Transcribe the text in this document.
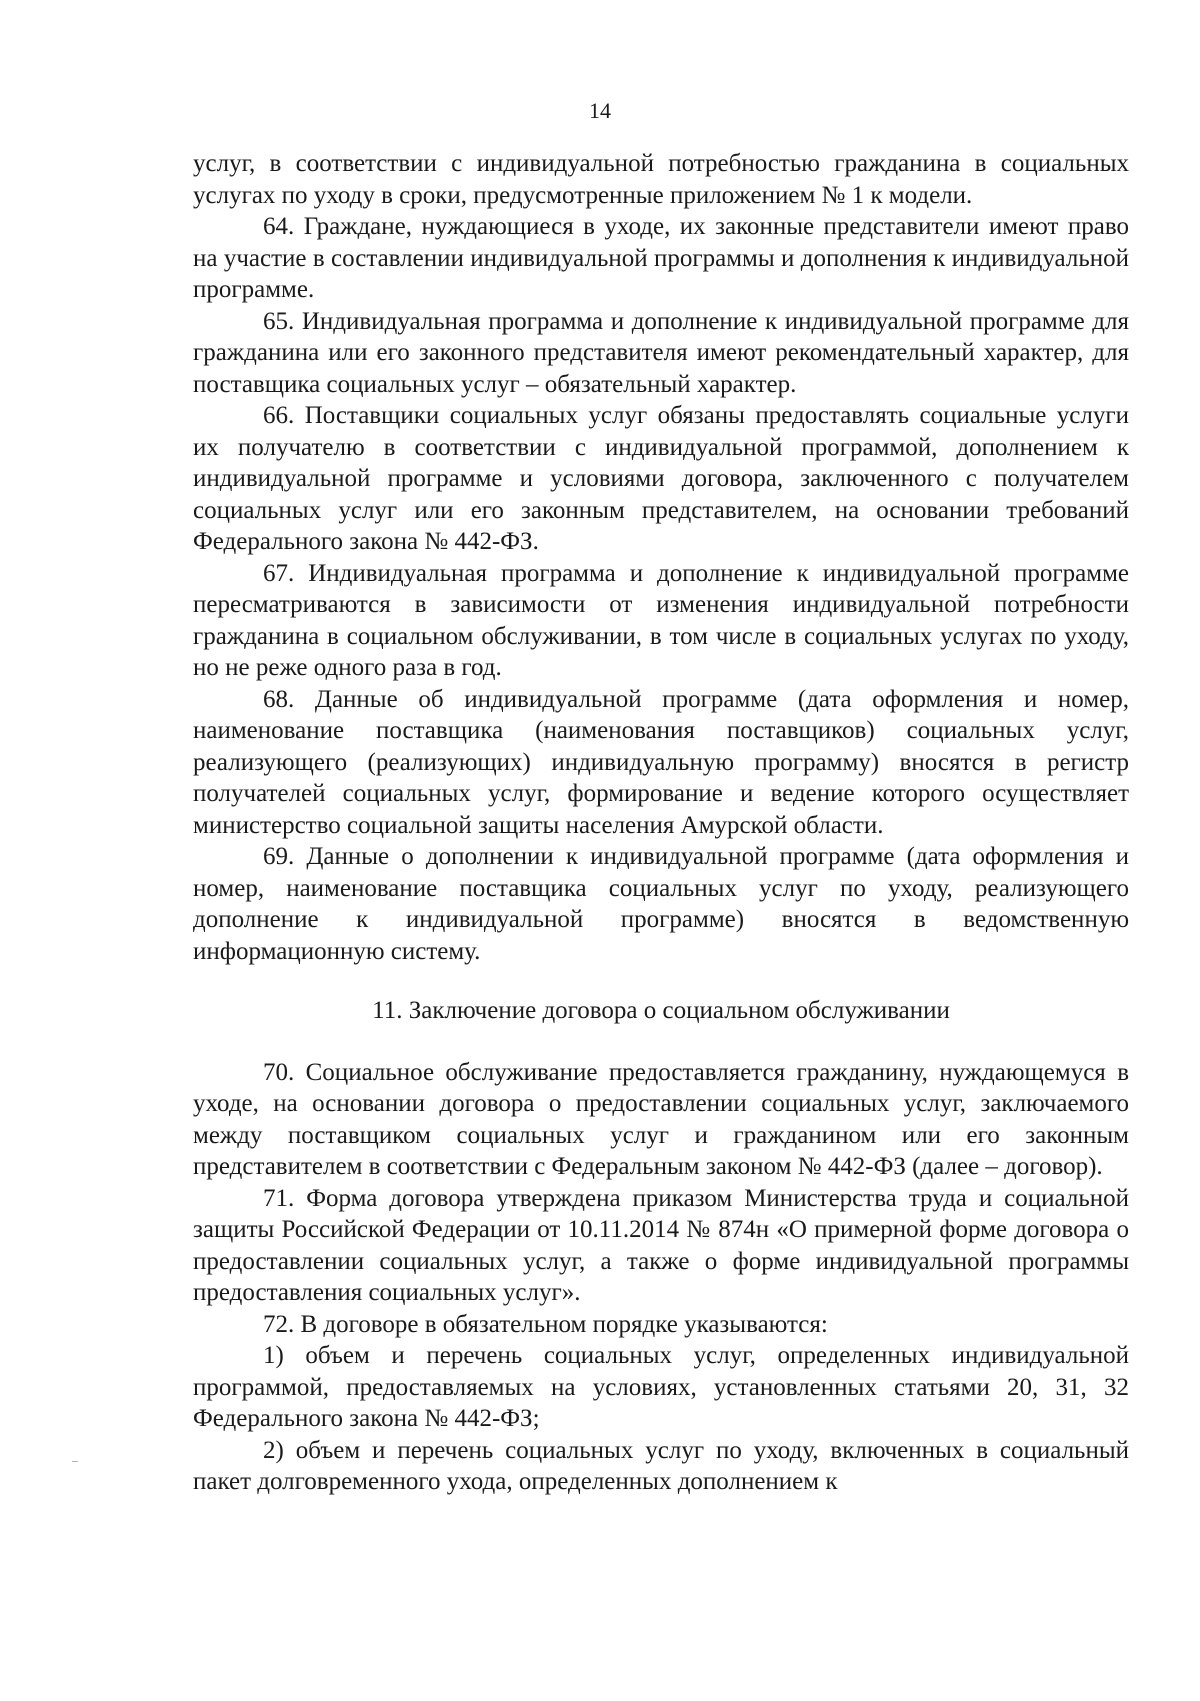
14

услуг, в соответствии с индивидуальной потребностью гражданина в социальных услугах по уходу в сроки, предусмотренные приложением № 1 к модели.

64. Граждане, нуждающиеся в уходе, их законные представители имеют право на участие в составлении индивидуальной программы и дополнения к индивидуальной программе.

65. Индивидуальная программа и дополнение к индивидуальной программе для гражданина или его законного представителя имеют рекомендательный характер, для поставщика социальных услуг – обязательный характер.

66. Поставщики социальных услуг обязаны предоставлять социальные услуги их получателю в соответствии с индивидуальной программой, дополнением к индивидуальной программе и условиями договора, заключенного с получателем социальных услуг или его законным представителем, на основании требований Федерального закона № 442-ФЗ.

67. Индивидуальная программа и дополнение к индивидуальной программе пересматриваются в зависимости от изменения индивидуальной потребности гражданина в социальном обслуживании, в том числе в социальных услугах по уходу, но не реже одного раза в год.

68. Данные об индивидуальной программе (дата оформления и номер, наименование поставщика (наименования поставщиков) социальных услуг, реализующего (реализующих) индивидуальную программу) вносятся в регистр получателей социальных услуг, формирование и ведение которого осуществляет министерство социальной защиты населения Амурской области.

69. Данные о дополнении к индивидуальной программе (дата оформления и номер, наименование поставщика социальных услуг по уходу, реализующего дополнение к индивидуальной программе) вносятся в ведомственную информационную систему.

11. Заключение договора о социальном обслуживании

70. Социальное обслуживание предоставляется гражданину, нуждающемуся в уходе, на основании договора о предоставлении социальных услуг, заключаемого между поставщиком социальных услуг и гражданином или его законным представителем в соответствии с Федеральным законом № 442-ФЗ (далее – договор).

71. Форма договора утверждена приказом Министерства труда и социальной защиты Российской Федерации от 10.11.2014 № 874н «О примерной форме договора о предоставлении социальных услуг, а также о форме индивидуальной программы предоставления социальных услуг».

72. В договоре в обязательном порядке указываются:

1) объем и перечень социальных услуг, определенных индивидуальной программой, предоставляемых на условиях, установленных статьями 20, 31, 32 Федерального закона № 442-ФЗ;

2) объем и перечень социальных услуг по уходу, включенных в социальный пакет долговременного ухода, определенных дополнением к
